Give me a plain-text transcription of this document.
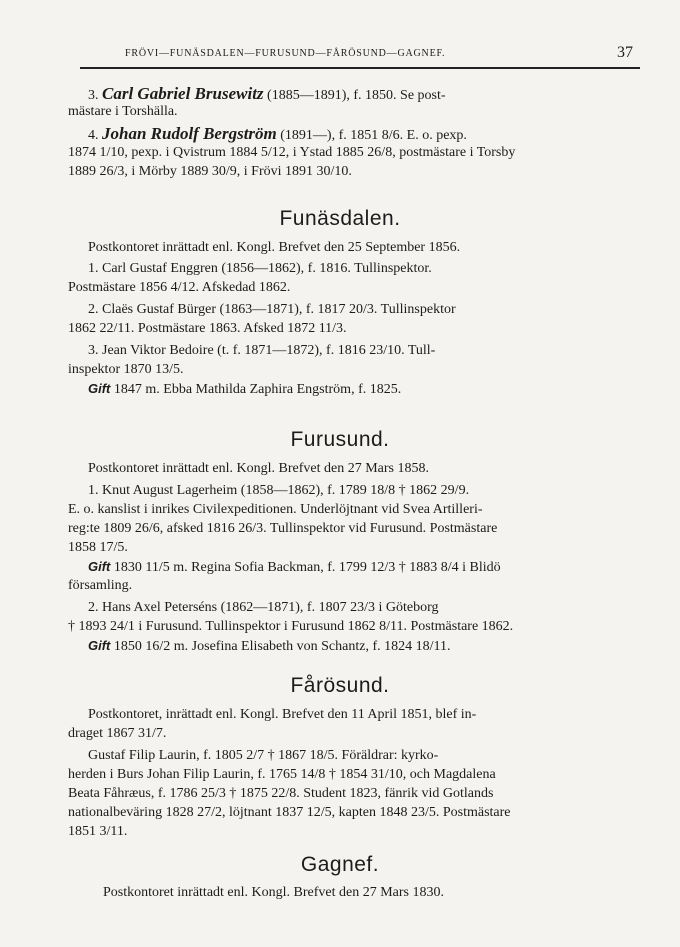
FRÖVI—FUNÄSDALEN—FURUSUND—FÅRÖSUND—GAGNEF.	37
3. Carl Gabriel Brusewitz (1885—1891), f. 1850. Se post-
mästare i Torshälla.
4. Johan Rudolf Bergström (1891—), f. 1851 8/6. E. o. pexp.
1874 1/10, pexp. i Qvistrum 1884 5/12, i Ystad 1885 26/8, postmästare i Torsby
1889 26/3, i Mörby 1889 30/9, i Frövi 1891 30/10.
Funäsdalen.
Postkontoret inrättadt enl. Kongl. Brefvet den 25 September 1856.
1. Carl Gustaf Enggren (1856—1862), f. 1816. Tullinspektor.
Postmästare 1856 4/12. Afskedad 1862.
2. Claës Gustaf Bürger (1863—1871), f. 1817 20/3. Tullinspektor
1862 22/11. Postmästare 1863. Afsked 1872 11/3.
3. Jean Viktor Bedoire (t. f. 1871—1872), f. 1816 23/10. Tull-
inspektor 1870 13/5.
Gift 1847 m. Ebba Mathilda Zaphira Engström, f. 1825.
Furusund.
Postkontoret inrättadt enl. Kongl. Brefvet den 27 Mars 1858.
1. Knut August Lagerheim (1858—1862), f. 1789 18/8 † 1862 29/9.
E. o. kanslist i inrikes Civilexpeditionen. Underlöjtnant vid Svea Artilleri-
reg:te 1809 26/6, afsked 1816 26/3. Tullinspektor vid Furusund. Postmästare
1858 17/5.
Gift 1830 11/5 m. Regina Sofia Backman, f. 1799 12/3 † 1883 8/4 i Blidö
församling.
2. Hans Axel Peterséns (1862—1871), f. 1807 23/3 i Göteborg
† 1893 24/1 i Furusund. Tullinspektor i Furusund 1862 8/11. Postmästare 1862.
Gift 1850 16/2 m. Josefina Elisabeth von Schantz, f. 1824 18/11.
Fårösund.
Postkontoret, inrättadt enl. Kongl. Brefvet den 11 April 1851, blef in-
draget 1867 31/7.
Gustaf Filip Laurin, f. 1805 2/7 † 1867 18/5. Föräldrar: kyrko-
herden i Burs Johan Filip Laurin, f. 1765 14/8 † 1854 31/10, och Magdalena
Beata Fåhræus, f. 1786 25/3 † 1875 22/8. Student 1823, fänrik vid Gotlands
nationalbeväring 1828 27/2, löjtnant 1837 12/5, kapten 1848 23/5. Postmästare
1851 3/11.
Gagnef.
Postkontoret inrättadt enl. Kongl. Brefvet den 27 Mars 1830.
